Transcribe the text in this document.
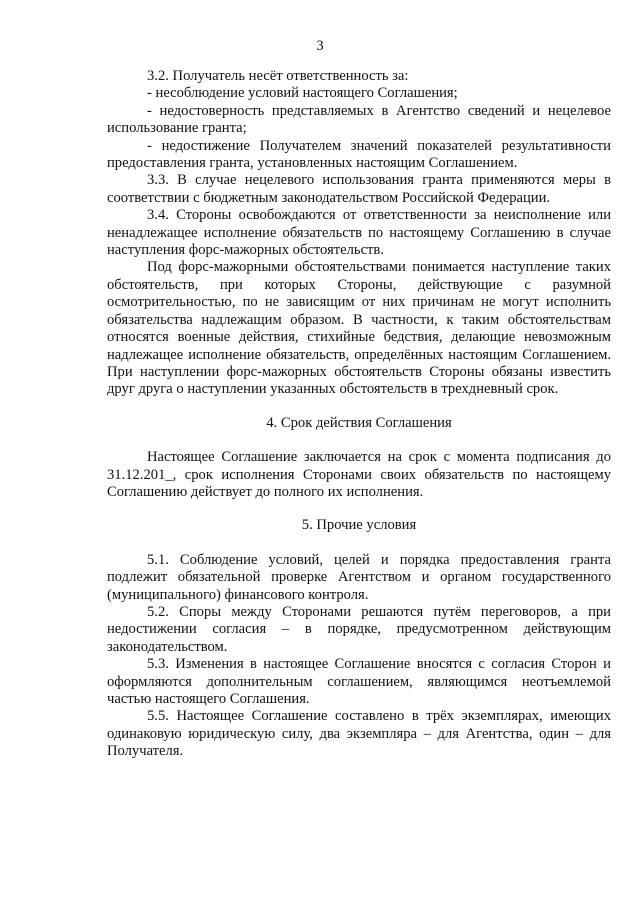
3

3.2. Получатель несёт ответственность за:

- несоблюдение условий настоящего Соглашения;

- недостоверность представляемых в Агентство сведений и нецелевое использование гранта;

- недостижение Получателем значений показателей результативности предоставления гранта, установленных настоящим Соглашением.

3.3. В случае нецелевого использования гранта применяются меры в соответствии с бюджетным законодательством Российской Федерации.

3.4. Стороны освобождаются от ответственности за неисполнение или ненадлежащее исполнение обязательств по настоящему Соглашению в случае наступления форс-мажорных обстоятельств.

Под форс-мажорными обстоятельствами понимается наступление таких обстоятельств, при которых Стороны, действующие с разумной осмотрительностью, по не зависящим от них причинам не могут исполнить обязательства надлежащим образом. В частности, к таким обстоятельствам относятся военные действия, стихийные бедствия, делающие невозможным надлежащее исполнение обязательств, определённых настоящим Соглашением. При наступлении форс-мажорных обстоятельств Стороны обязаны известить друг друга о наступлении указанных обстоятельств в трехдневный срок.

4. Срок действия Соглашения

Настоящее Соглашение заключается на срок с момента подписания до 31.12.201_, срок исполнения Сторонами своих обязательств по настоящему Соглашению действует до полного их исполнения.

5. Прочие условия

5.1. Соблюдение условий, целей и порядка предоставления гранта подлежит обязательной проверке Агентством и органом государственного (муниципального) финансового контроля.

5.2. Споры между Сторонами решаются путём переговоров, а при недостижении согласия – в порядке, предусмотренном действующим законодательством.

5.3. Изменения в настоящее Соглашение вносятся с согласия Сторон и оформляются дополнительным соглашением, являющимся неотъемлемой частью настоящего Соглашения.

5.5. Настоящее Соглашение составлено в трёх экземплярах, имеющих одинаковую юридическую силу, два экземпляра – для Агентства, один – для Получателя.
